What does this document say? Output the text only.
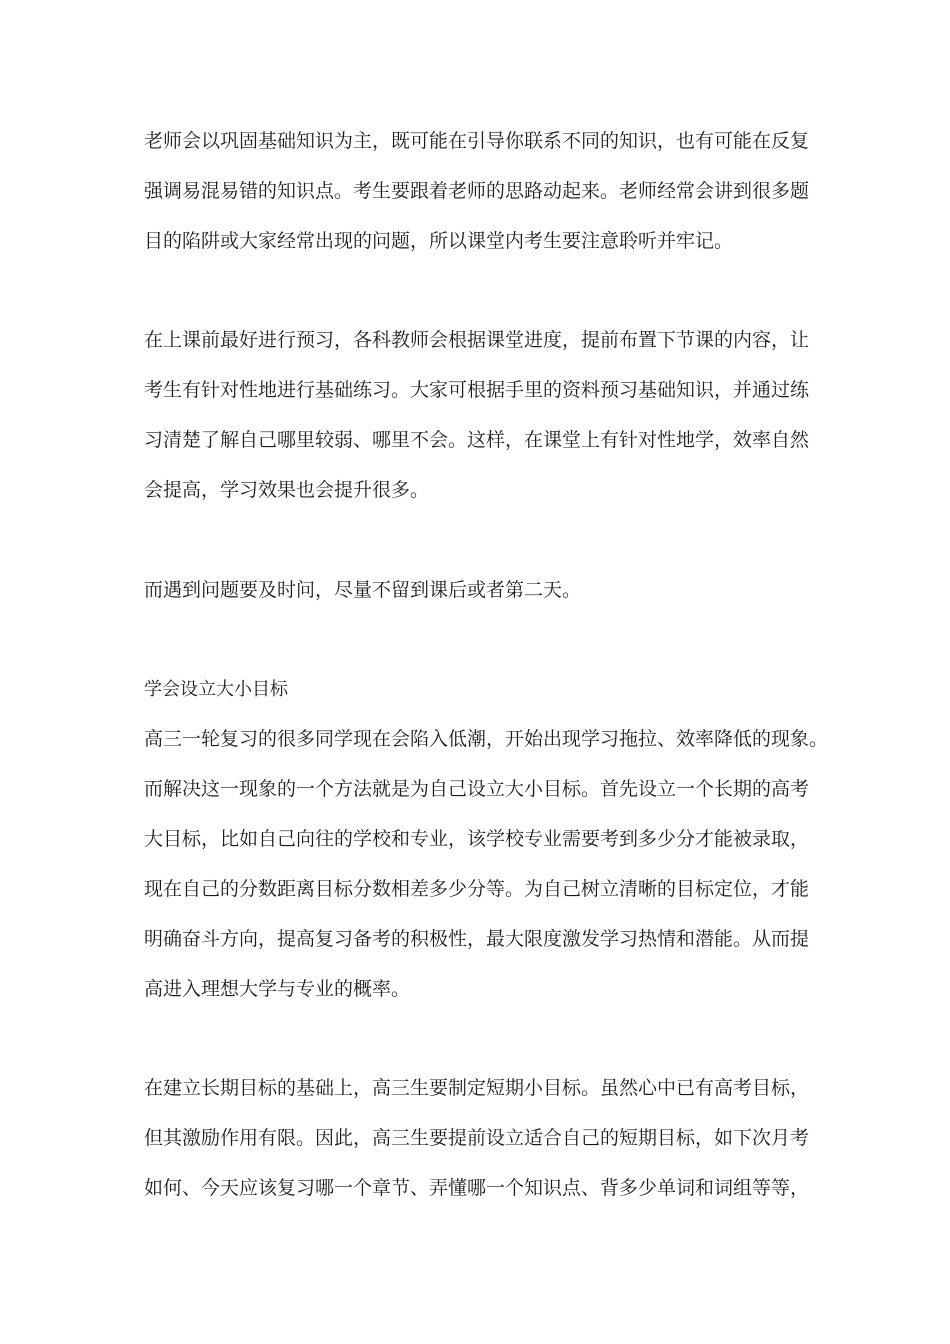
老师会以巩固基础知识为主，既可能在引导你联系不同的知识，也有可能在反复
强调易混易错的知识点。考生要跟着老师的思路动起来。老师经常会讲到很多题
目的陷阱或大家经常出现的问题，所以课堂内考生要注意聆听并牢记。
在上课前最好进行预习，各科教师会根据课堂进度，提前布置下节课的内容，让
考生有针对性地进行基础练习。大家可根据手里的资料预习基础知识，并通过练
习清楚了解自己哪里较弱、哪里不会。这样，在课堂上有针对性地学，效率自然
会提高，学习效果也会提升很多。
而遇到问题要及时问，尽量不留到课后或者第二天。
学会设立大小目标
高三一轮复习的很多同学现在会陷入低潮，开始出现学习拖拉、效率降低的现象。
而解决这一现象的一个方法就是为自己设立大小目标。首先设立一个长期的高考
大目标，比如自己向往的学校和专业，该学校专业需要考到多少分才能被录取，
现在自己的分数距离目标分数相差多少分等。为自己树立清晰的目标定位，才能
明确奋斗方向，提高复习备考的积极性，最大限度激发学习热情和潜能。从而提
高进入理想大学与专业的概率。
在建立长期目标的基础上，高三生要制定短期小目标。虽然心中已有高考目标，
但其激励作用有限。因此，高三生要提前设立适合自己的短期目标，如下次月考
如何、今天应该复习哪一个章节、弄懂哪一个知识点、背多少单词和词组等等，
